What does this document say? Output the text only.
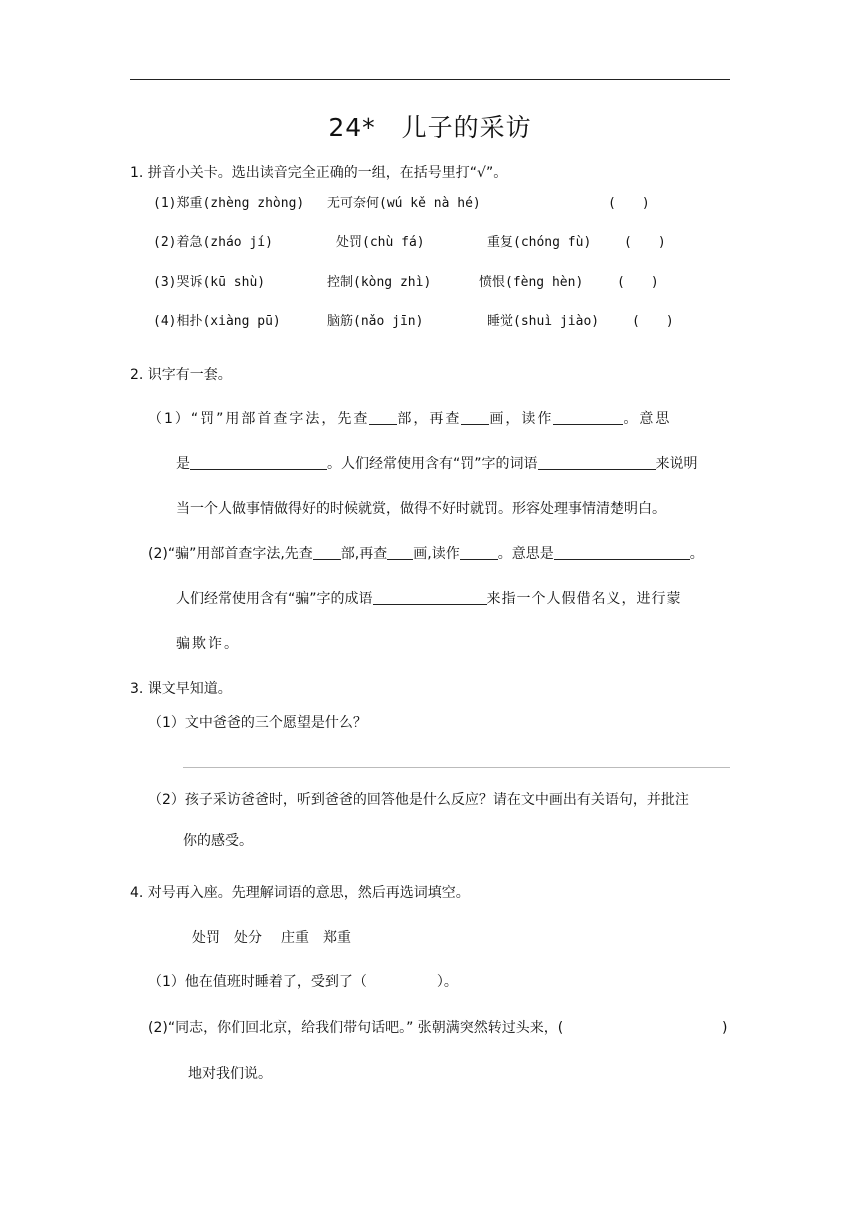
24*　儿子的采访
1. 拼音小关卡。选出读音完全正确的一组，在括号里打“√”。
(1)郑重(zhèng zhòng) 无可奈何(wú kě nà hé)	(　　)
(2)着急(zháo jí)	处罚(chù fá)	重复(chóng fù)	(　　)
(3)哭诉(kū shù)	控制(kòng zhì)	愤恨(fèng hèn)	(　　)
(4)相扑(xiàng pū)	脑筋(nǎo jīn)	睡觉(shuì jiào)	(　　)
2. 识字有一套。
（1）“罚”用部首查字法，先查 部，再查 画，读作	。意思
是	。人们经常使用含有“罚”字的词语	来说明
当一个人做事情做得好的时候就赏，做得不好时就罚。形容处理事情清楚明白。
(2)“骗”用部首查字法,先查 部,再查 画,读作	。意思是	。
人们经常使用含有“骗”字的成语	来指一个人假借名义，进行蒙
骗欺诈。
3. 课文早知道。
（1）文中爸爸的三个愿望是什么？
（2）孩子采访爸爸时，听到爸爸的回答他是什么反应？请在文中画出有关语句，并批注
你的感受。
4. 对号再入座。先理解词语的意思，然后再选词填空。
处罚 处分 庄重 郑重
（1）他在值班时睡着了，受到了（　　　　　）。
(2)“同志，你们回北京，给我们带句话吧。” 张朝满突然转过头来，(	)
地对我们说。
